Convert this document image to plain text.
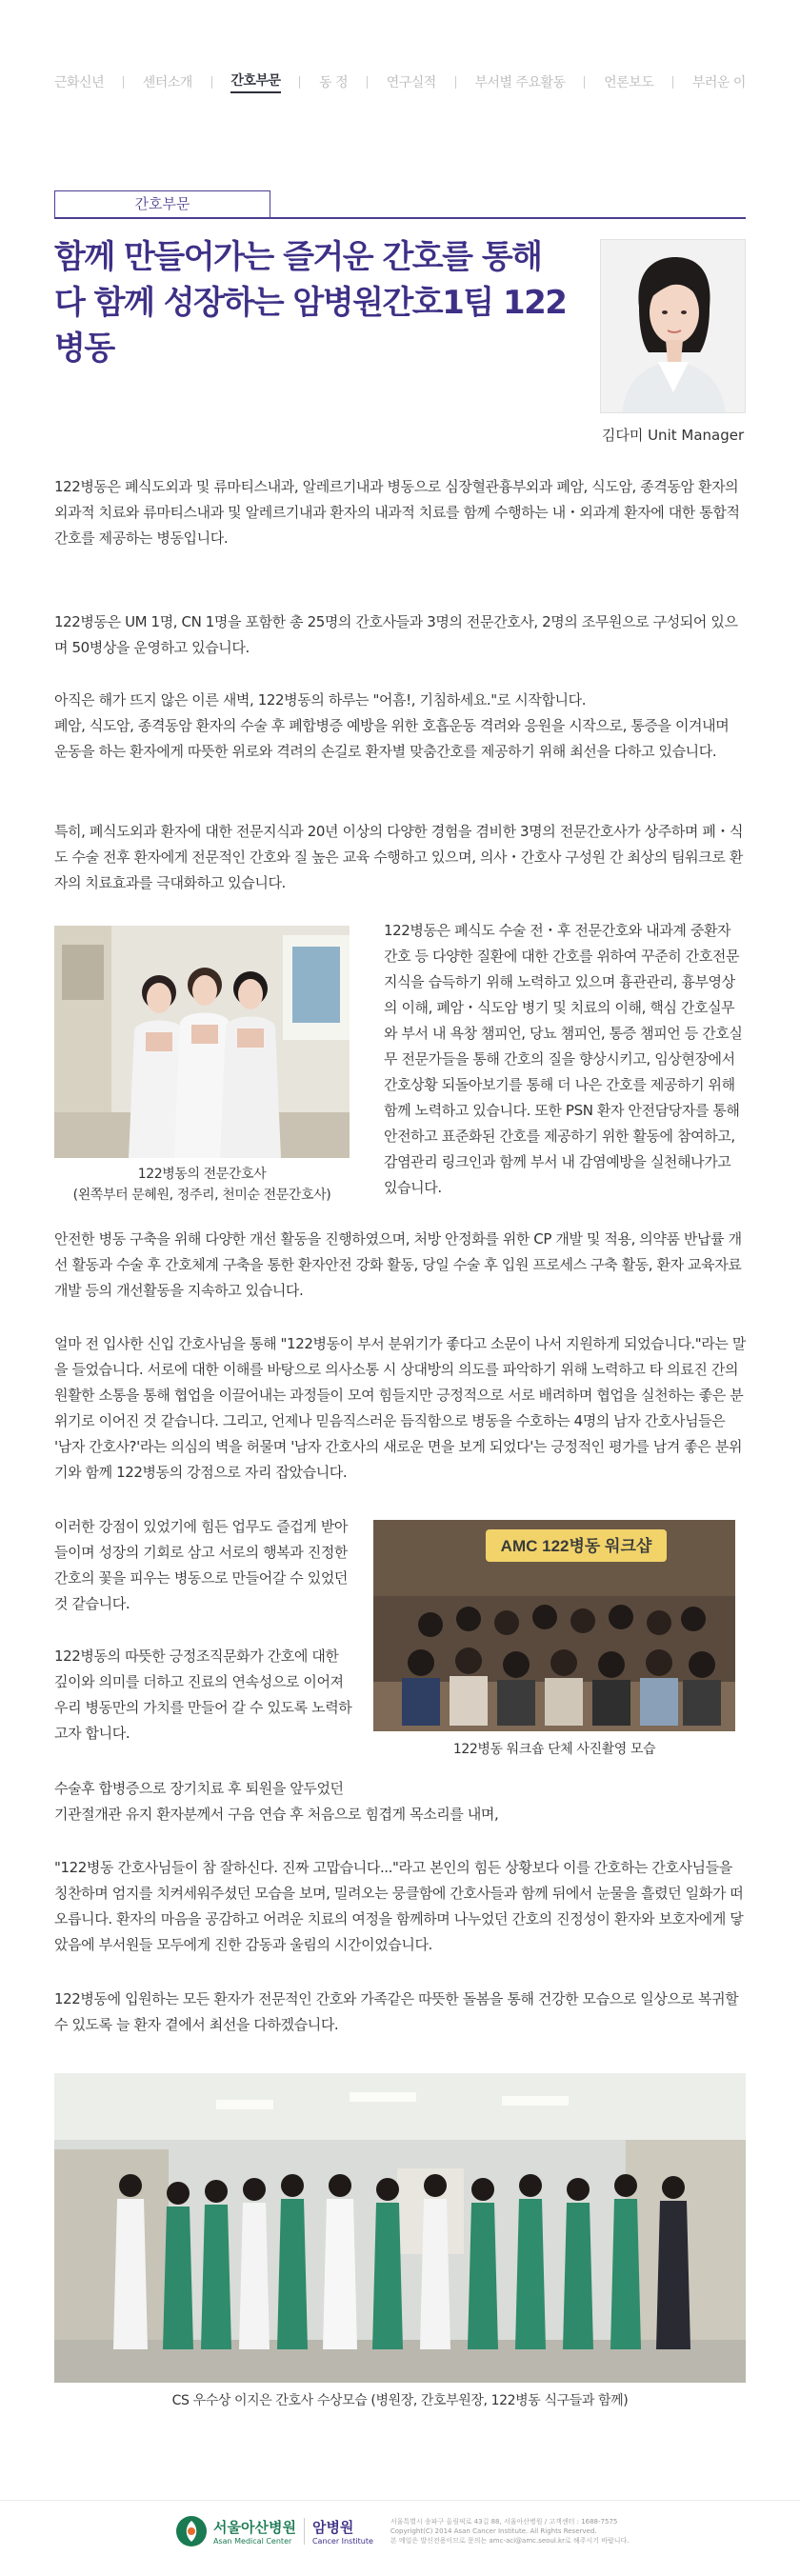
근화신년	센터소개	간호부문	동 정	연구실적	부서별 주요활동	언론보도	부러운 이
간호부문
함께 만들어가는 즐거운 간호를 통해
다 함께 성장하는 암병원간호1팀 122병동
김다미 Unit Manager

122병동은 폐식도외과 및 류마티스내과, 알레르기내과 병동으로 심장혈관흉부외과 폐암, 식도암, 종격동암 환자의 외과적 치료와 류마티스내과 및 알레르기내과 환자의 내과적 치료를 함께 수행하는 내・외과계 환자에 대한 통합적 간호를 제공하는 병동입니다.

122병동은 UM 1명, CN 1명을 포함한 총 25명의 간호사들과 3명의 전문간호사, 2명의 조무원으로 구성되어 있으며 50병상을 운영하고 있습니다.

아직은 해가 뜨지 않은 이른 새벽, 122병동의 하루는 "어흠!, 기침하세요."로 시작합니다.
폐암, 식도암, 종격동암 환자의 수술 후 폐합병증 예방을 위한 호흡운동 격려와 응원을 시작으로, 통증을 이겨내며 운동을 하는 환자에게 따뜻한 위로와 격려의 손길로 환자별 맞춤간호를 제공하기 위해 최선을 다하고 있습니다.

특히, 폐식도외과 환자에 대한 전문지식과 20년 이상의 다양한 경험을 겸비한 3명의 전문간호사가 상주하며 폐・식도 수술 전후 환자에게 전문적인 간호와 질 높은 교육 수행하고 있으며, 의사・간호사 구성원 간 최상의 팀워크로 환자의 치료효과를 극대화하고 있습니다.

122병동의 전문간호사
(왼쪽부터 문혜원, 정주리, 천미순 전문간호사)

122병동은 폐식도 수술 전・후 전문간호와 내과계 중환자 간호 등 다양한 질환에 대한 간호를 위하여 꾸준히 간호전문지식을 습득하기 위해 노력하고 있으며 흉관관리, 흉부영상의 이해, 폐암・식도암 병기 및 치료의 이해, 핵심 간호실무와 부서 내 욕창 챔피언, 당뇨 챔피언, 통증 챔피언 등 간호실무 전문가들을 통해 간호의 질을 향상시키고, 임상현장에서 간호상황 되돌아보기를 통해 더 나은 간호를 제공하기 위해 함께 노력하고 있습니다. 또한 PSN 환자 안전담당자를 통해 안전하고 표준화된 간호를 제공하기 위한 활동에 참여하고, 감염관리 링크인과 함께 부서 내 감염예방을 실천해나가고 있습니다.

안전한 병동 구축을 위해 다양한 개선 활동을 진행하였으며, 처방 안정화를 위한 CP 개발 및 적용, 의약품 반납률 개선 활동과 수술 후 간호체계 구축을 통한 환자안전 강화 활동, 당일 수술 후 입원 프로세스 구축 활동, 환자 교육자료 개발 등의 개선활동을 지속하고 있습니다.

얼마 전 입사한 신입 간호사님을 통해 "122병동이 부서 분위기가 좋다고 소문이 나서 지원하게 되었습니다."라는 말을 들었습니다. 서로에 대한 이해를 바탕으로 의사소통 시 상대방의 의도를 파악하기 위해 노력하고 타 의료진 간의 원활한 소통을 통해 협업을 이끌어내는 과정들이 모여 힘들지만 긍정적으로 서로 배려하며 협업을 실천하는 좋은 분위기로 이어진 것 같습니다. 그리고, 언제나 믿음직스러운 듬직함으로 병동을 수호하는 4명의 남자 간호사님들은 '남자 간호사?'라는 의심의 벽을 허물며 '남자 간호사의 새로운 면을 보게 되었다'는 긍정적인 평가를 남겨 좋은 분위기와 함께 122병동의 강점으로 자리 잡았습니다.

이러한 강점이 있었기에 힘든 업무도 즐겁게 받아들이며 성장의 기회로 삼고 서로의 행복과 진정한 간호의 꽃을 피우는 병동으로 만들어갈 수 있었던 것 같습니다.

122병동의 따뜻한 긍정조직문화가 간호에 대한 깊이와 의미를 더하고 진료의 연속성으로 이어져 우리 병동만의 가치를 만들어 갈 수 있도록 노력하고자 합니다.

AMC 122병동 워크샵
122병동 워크숍 단체 사진촬영 모습

수술후 합병증으로 장기치료 후 퇴원을 앞두었던
기관절개관 유지 환자분께서 구음 연습 후 처음으로 힘겹게 목소리를 내며,

"122병동 간호사님들이 참 잘하신다. 진짜 고맙습니다..."라고 본인의 힘든 상황보다 이를 간호하는 간호사님들을 칭찬하며 엄지를 치켜세워주셨던 모습을 보며, 밀려오는 뭉클함에 간호사들과 함께 뒤에서 눈물을 흘렸던 일화가 떠오릅니다. 환자의 마음을 공감하고 어려운 치료의 여정을 함께하며 나누었던 간호의 진정성이 환자와 보호자에게 닿았음에 부서원들 모두에게 진한 감동과 울림의 시간이었습니다.

122병동에 입원하는 모든 환자가 전문적인 간호와 가족같은 따뜻한 돌봄을 통해 건강한 모습으로 일상으로 복귀할 수 있도록 늘 환자 곁에서 최선을 다하겠습니다.

CS 우수상 이지은 간호사 수상모습 (병원장, 간호부원장, 122병동 식구들과 함께)
서울아산병원
Asan Medical Center
암병원
Cancer Institute
서울특별시 송파구 올림픽로 43길 88, 서울아산병원 / 고객센터 : 1688-7575
Copyright(C) 2014 Asan Cancer Institute. All Rights Reserved.
본 메일은 발신전용이므로 문의는 amc-aci@amc.seoul.kr로 해주시기 바랍니다.
